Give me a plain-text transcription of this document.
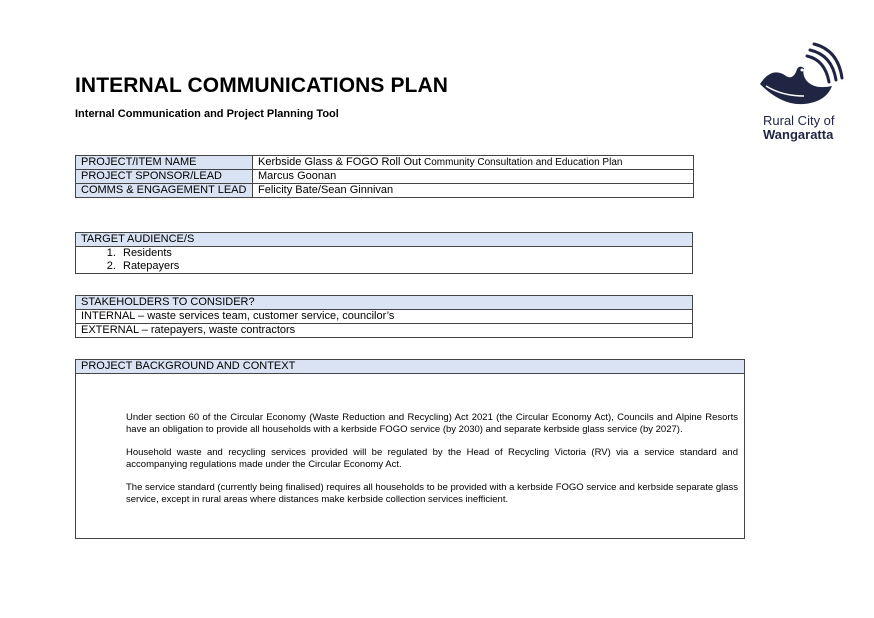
INTERNAL COMMUNICATIONS PLAN
Internal Communication and Project Planning Tool	Rural City of
Wangaratta
PROJECT/ITEM NAME	Kerbside Glass & FOGO Roll Out Community Consultation and Education Plan
PROJECT SPONSOR/LEAD	Marcus Goonan
COMMS & ENGAGEMENT LEAD	Felicity Bate/Sean Ginnivan
TARGET AUDIENCE/S

1. Residents
2. Ratepayers
STAKEHOLDERS TO CONSIDER?
INTERNAL – waste services team, customer service, councilor’s
EXTERNAL – ratepayers, waste contractors
PROJECT BACKGROUND AND CONTEXT

Under section 60 of the Circular Economy (Waste Reduction and Recycling) Act 2021 (the Circular Economy Act), Councils and Alpine Resorts have an obligation to provide all households with a kerbside FOGO service (by 2030) and separate kerbside glass service (by 2027).

Household waste and recycling services provided will be regulated by the Head of Recycling Victoria (RV) via a service standard and accompanying regulations made under the Circular Economy Act.

The service standard (currently being finalised) requires all households to be provided with a kerbside FOGO service and kerbside separate glass service, except in rural areas where distances make kerbside collection services inefficient.
